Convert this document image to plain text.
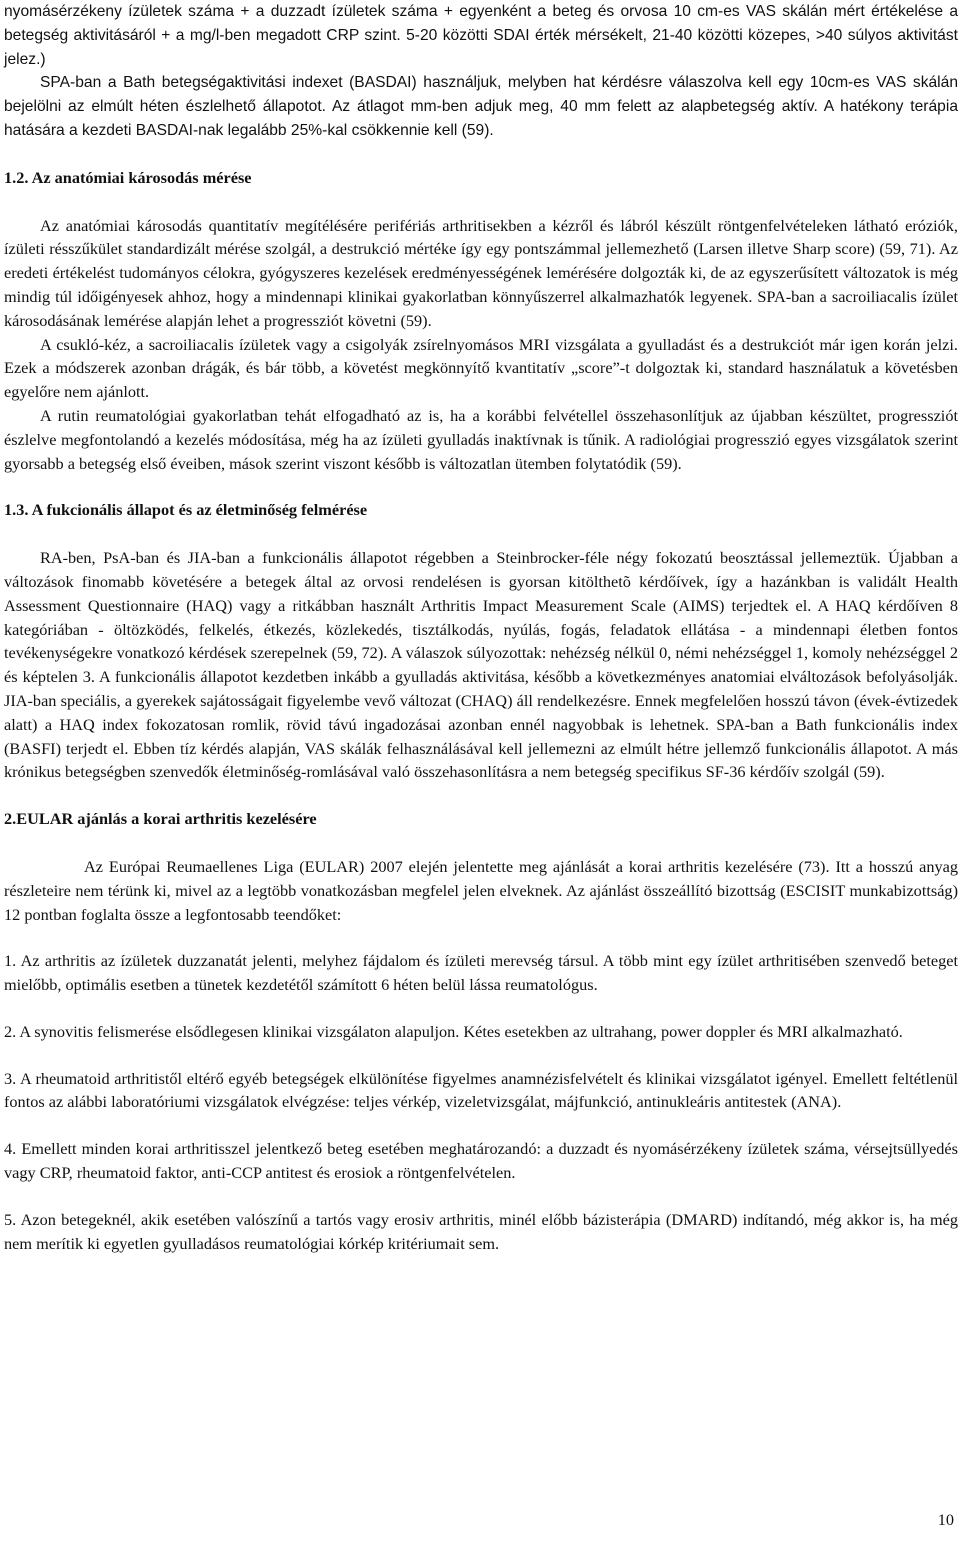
nyomásérzékeny ízületek száma + a duzzadt ízületek száma + egyenként a beteg és orvosa 10 cm-es VAS skálán mért értékelése a betegség aktivitásáról + a mg/l-ben megadott CRP szint. 5-20 közötti SDAI érték mérsékelt, 21-40 közötti közepes, >40 súlyos aktivitást jelez.)

SPA-ban a Bath betegségaktivitási indexet (BASDAI) használjuk, melyben hat kérdésre válaszolva kell egy 10cm-es VAS skálán bejelölni az elmúlt héten észlelhető állapotot. Az átlagot mm-ben adjuk meg, 40 mm felett az alapbetegség aktív. A hatékony terápia hatására a kezdeti BASDAI-nak legalább 25%-kal csökkennie kell (59).

1.2. Az anatómiai károsodás mérése

Az anatómiai károsodás quantitatív megítélésére perifériás arthritisekben a kézről és lábról készült röntgenfelvételeken látható eróziók, ízületi résszűkület standardizált mérése szolgál, a destrukció mértéke így egy pontszámmal jellemezhető (Larsen illetve Sharp score) (59, 71). Az eredeti értékelést tudományos célokra, gyógyszeres kezelések eredményességének lemérésére dolgozták ki, de az egyszerűsített változatok is még mindig túl időigényesek ahhoz, hogy a mindennapi klinikai gyakorlatban könnyűszerrel alkalmazhatók legyenek. SPA-ban a sacroiliacalis ízület károsodásának lemérése alapján lehet a progressziót követni (59).

A csukló-kéz, a sacroiliacalis ízületek vagy a csigolyák zsírelnyomásos MRI vizsgálata a gyulladást és a destrukciót már igen korán jelzi. Ezek a módszerek azonban drágák, és bár több, a követést megkönnyítő kvantitatív „score”-t dolgoztak ki, standard használatuk a követésben egyelőre nem ajánlott.

A rutin reumatológiai gyakorlatban tehát elfogadható az is, ha a korábbi felvétellel összehasonlítjuk az újabban készültet, progressziót észlelve megfontolandó a kezelés módosítása, még ha az ízületi gyulladás inaktívnak is tűnik. A radiológiai progresszió egyes vizsgálatok szerint gyorsabb a betegség első éveiben, mások szerint viszont később is változatlan ütemben folytatódik (59).

1.3. A fukcionális állapot és az életminőség felmérése

RA-ben, PsA-ban és JIA-ban a funkcionális állapotot régebben a Steinbrocker-féle négy fokozatú beosztással jellemeztük. Újabban a változások finomabb követésére a betegek által az orvosi rendelésen is gyorsan kitölthetõ kérdőívek, így a hazánkban is validált Health Assessment Questionnaire (HAQ) vagy a ritkábban használt Arthritis Impact Measurement Scale (AIMS) terjedtek el. A HAQ kérdőíven 8 kategóriában - öltözködés, felkelés, étkezés, közlekedés, tisztálkodás, nyúlás, fogás, feladatok ellátása - a mindennapi életben fontos tevékenységekre vonatkozó kérdések szerepelnek (59, 72). A válaszok súlyozottak: nehézség nélkül 0, némi nehézséggel 1, komoly nehézséggel 2 és képtelen 3. A funkcionális állapotot kezdetben inkább a gyulladás aktivitása, később a következményes anatomiai elváltozások befolyásolják. JIA-ban speciális, a gyerekek sajátosságait figyelembe vevő változat (CHAQ) áll rendelkezésre. Ennek megfelelően hosszú távon (évek-évtizedek alatt) a HAQ index fokozatosan romlik, rövid távú ingadozásai azonban ennél nagyobbak is lehetnek. SPA-ban a Bath funkcionális index (BASFI) terjedt el. Ebben tíz kérdés alapján, VAS skálák felhasználásával kell jellemezni az elmúlt hétre jellemző funkcionális állapotot. A más krónikus betegségben szenvedők életminőség-romlásával való összehasonlításra a nem betegség specifikus SF-36 kérdőív szolgál (59).

2.EULAR ajánlás a korai arthritis kezelésére

Az Európai Reumaellenes Liga (EULAR) 2007 elején jelentette meg ajánlását a korai arthritis kezelésére (73). Itt a hosszú anyag részleteire nem térünk ki, mivel az a legtöbb vonatkozásban megfelel jelen elveknek. Az ajánlást összeállító bizottság (ESCISIT munkabizottság) 12 pontban foglalta össze a legfontosabb teendőket:

1. Az arthritis az ízületek duzzanatát jelenti, melyhez fájdalom és ízületi merevség társul. A több mint egy ízület arthritisében szenvedő beteget mielőbb, optimális esetben a tünetek kezdetétől számított 6 héten belül lássa reumatológus.

2. A synovitis felismerése elsődlegesen klinikai vizsgálaton alapuljon. Kétes esetekben az ultrahang, power doppler és MRI alkalmazható.

3. A rheumatoid arthritistől eltérő egyéb betegségek elkülönítése figyelmes anamnézisfelvételt és klinikai vizsgálatot igényel. Emellett feltétlenül fontos az alábbi laboratóriumi vizsgálatok elvégzése: teljes vérkép, vizeletvizsgálat, májfunkció, antinukleáris antitestek (ANA).

4. Emellett minden korai arthritisszel jelentkező beteg esetében meghatározandó: a duzzadt és nyomásérzékeny ízületek száma, vérsejtsüllyedés vagy CRP, rheumatoid faktor, anti-CCP antitest és erosiok a röntgenfelvételen.

5. Azon betegeknél, akik esetében valószínű a tartós vagy erosiv arthritis, minél előbb bázisterápia (DMARD) indítandó, még akkor is, ha még nem merítik ki egyetlen gyulladásos reumatológiai kórkép kritériumait sem.

10
